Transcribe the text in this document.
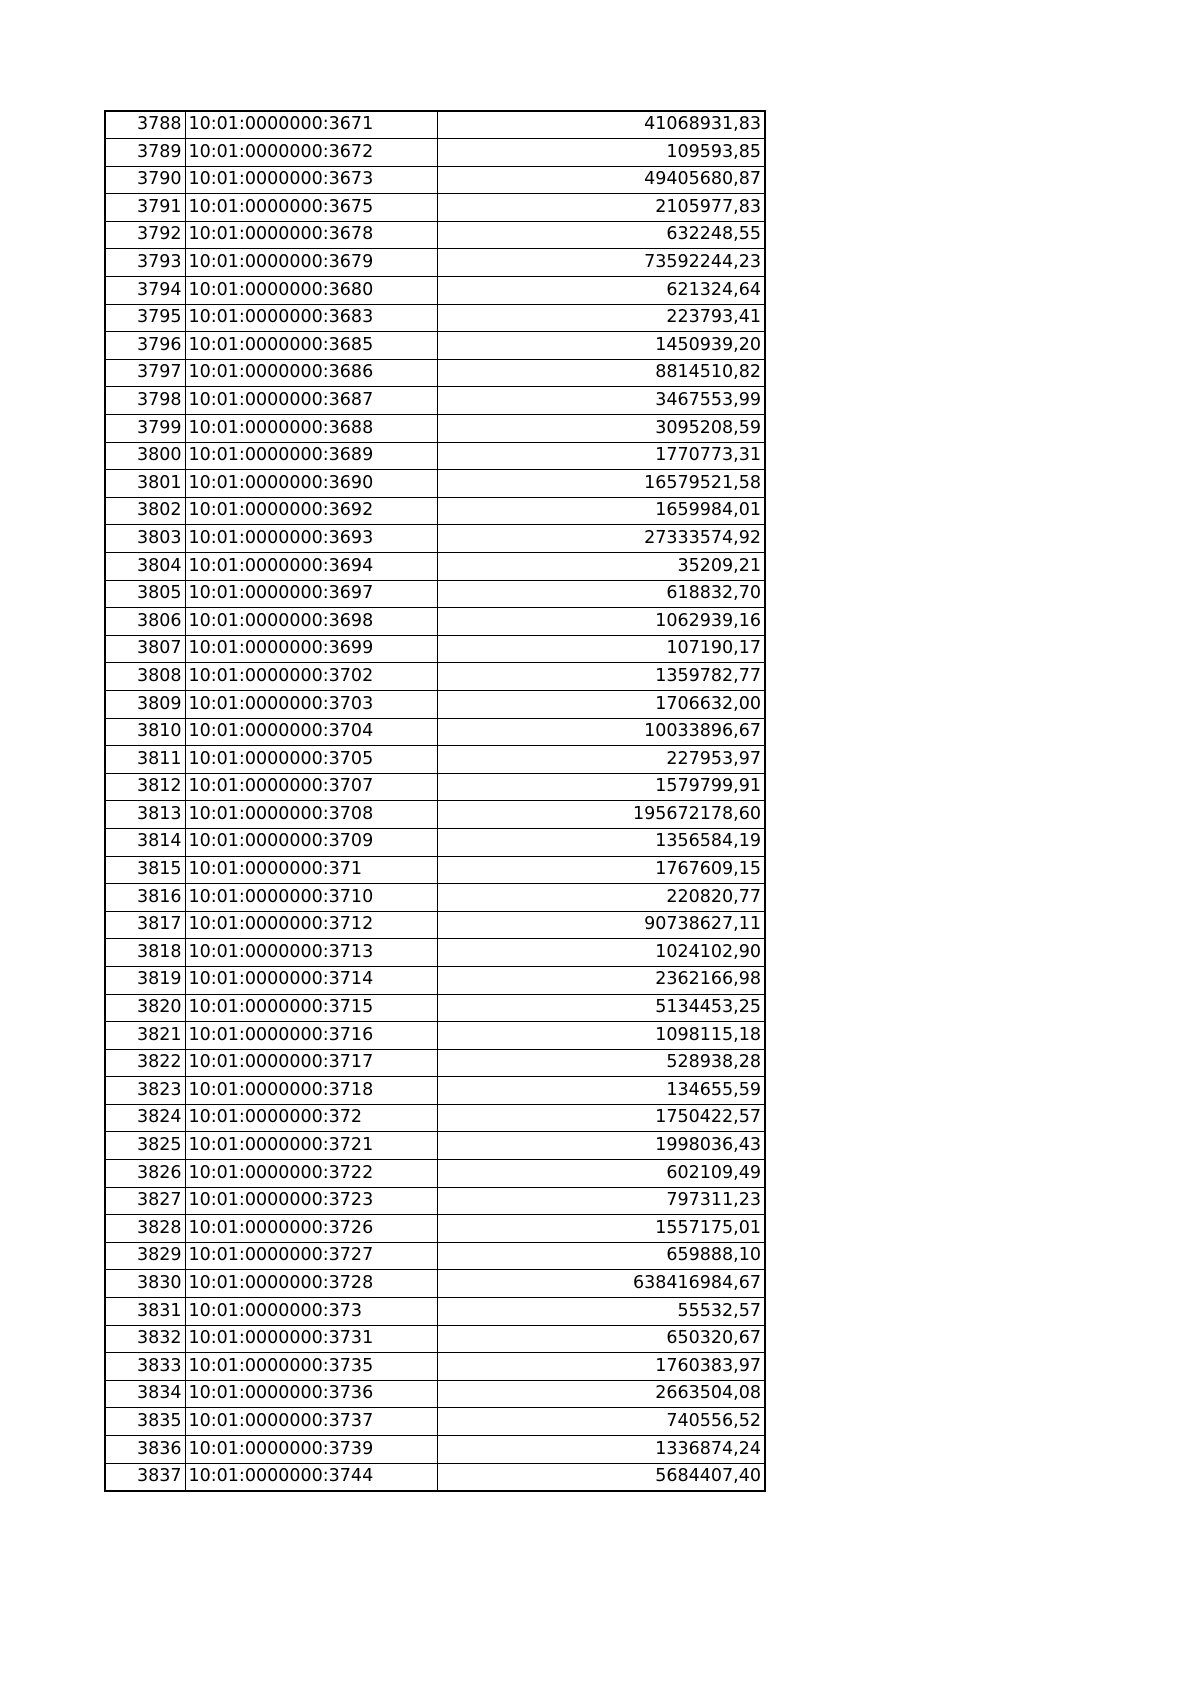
3788	10:01:0000000:3671	41068931,83
3789	10:01:0000000:3672	109593,85
3790	10:01:0000000:3673	49405680,87
3791	10:01:0000000:3675	2105977,83
3792	10:01:0000000:3678	632248,55
3793	10:01:0000000:3679	73592244,23
3794	10:01:0000000:3680	621324,64
3795	10:01:0000000:3683	223793,41
3796	10:01:0000000:3685	1450939,20
3797	10:01:0000000:3686	8814510,82
3798	10:01:0000000:3687	3467553,99
3799	10:01:0000000:3688	3095208,59
3800	10:01:0000000:3689	1770773,31
3801	10:01:0000000:3690	16579521,58
3802	10:01:0000000:3692	1659984,01
3803	10:01:0000000:3693	27333574,92
3804	10:01:0000000:3694	35209,21
3805	10:01:0000000:3697	618832,70
3806	10:01:0000000:3698	1062939,16
3807	10:01:0000000:3699	107190,17
3808	10:01:0000000:3702	1359782,77
3809	10:01:0000000:3703	1706632,00
3810	10:01:0000000:3704	10033896,67
3811	10:01:0000000:3705	227953,97
3812	10:01:0000000:3707	1579799,91
3813	10:01:0000000:3708	195672178,60
3814	10:01:0000000:3709	1356584,19
3815	10:01:0000000:371	1767609,15
3816	10:01:0000000:3710	220820,77
3817	10:01:0000000:3712	90738627,11
3818	10:01:0000000:3713	1024102,90
3819	10:01:0000000:3714	2362166,98
3820	10:01:0000000:3715	5134453,25
3821	10:01:0000000:3716	1098115,18
3822	10:01:0000000:3717	528938,28
3823	10:01:0000000:3718	134655,59
3824	10:01:0000000:372	1750422,57
3825	10:01:0000000:3721	1998036,43
3826	10:01:0000000:3722	602109,49
3827	10:01:0000000:3723	797311,23
3828	10:01:0000000:3726	1557175,01
3829	10:01:0000000:3727	659888,10
3830	10:01:0000000:3728	638416984,67
3831	10:01:0000000:373	55532,57
3832	10:01:0000000:3731	650320,67
3833	10:01:0000000:3735	1760383,97
3834	10:01:0000000:3736	2663504,08
3835	10:01:0000000:3737	740556,52
3836	10:01:0000000:3739	1336874,24
3837	10:01:0000000:3744	5684407,40
